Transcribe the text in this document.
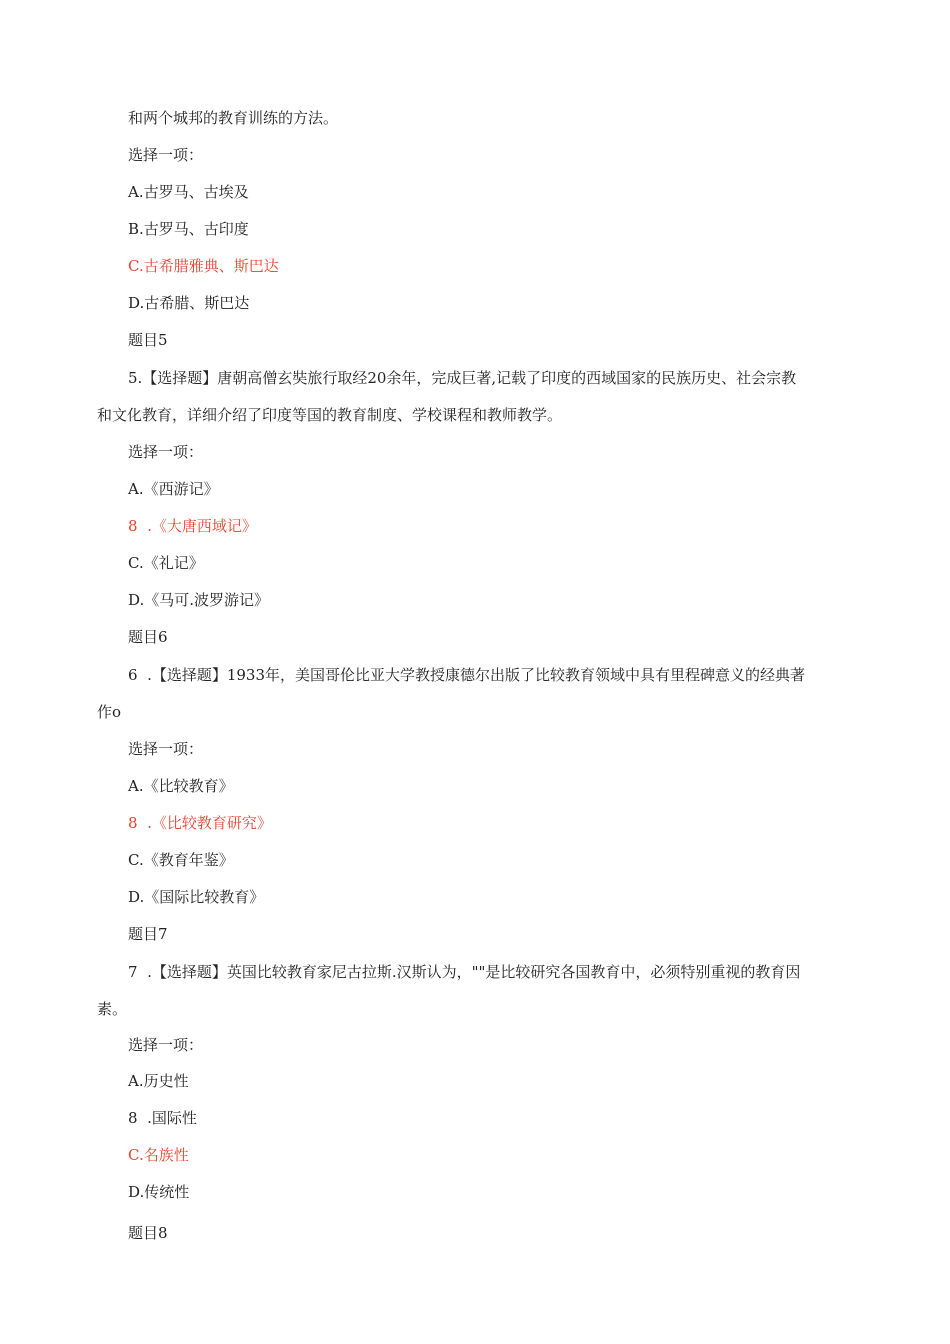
和两个城邦的教育训练的方法。
选择一项：
A.古罗马、古埃及
B.古罗马、古印度
C.古希腊雅典、斯巴达
D.古希腊、斯巴达
题目5
5.【选择题】唐朝高僧玄奘旅行取经20余年，完成巨著,记载了印度的西域国家的民族历史、社会宗教
和文化教育，详细介绍了印度等国的教育制度、学校课程和教师教学。
选择一项：
A.《西游记》
8  .《大唐西域记》
C.《礼记》
D.《马可.波罗游记》
题目6
6  .【选择题】1933年，美国哥伦比亚大学教授康德尔出版了比较教育领域中具有里程碑意义的经典著
作o
选择一项：
A.《比较教育》
8  .《比较教育研究》
C.《教育年鉴》
D.《国际比较教育》
题目7
7  .【选择题】英国比较教育家尼古拉斯.汉斯认为，""是比较研究各国教育中，必须特别重视的教育因
素。
选择一项：
A.历史性
8  .国际性
C.名族性
D.传统性
题目8
